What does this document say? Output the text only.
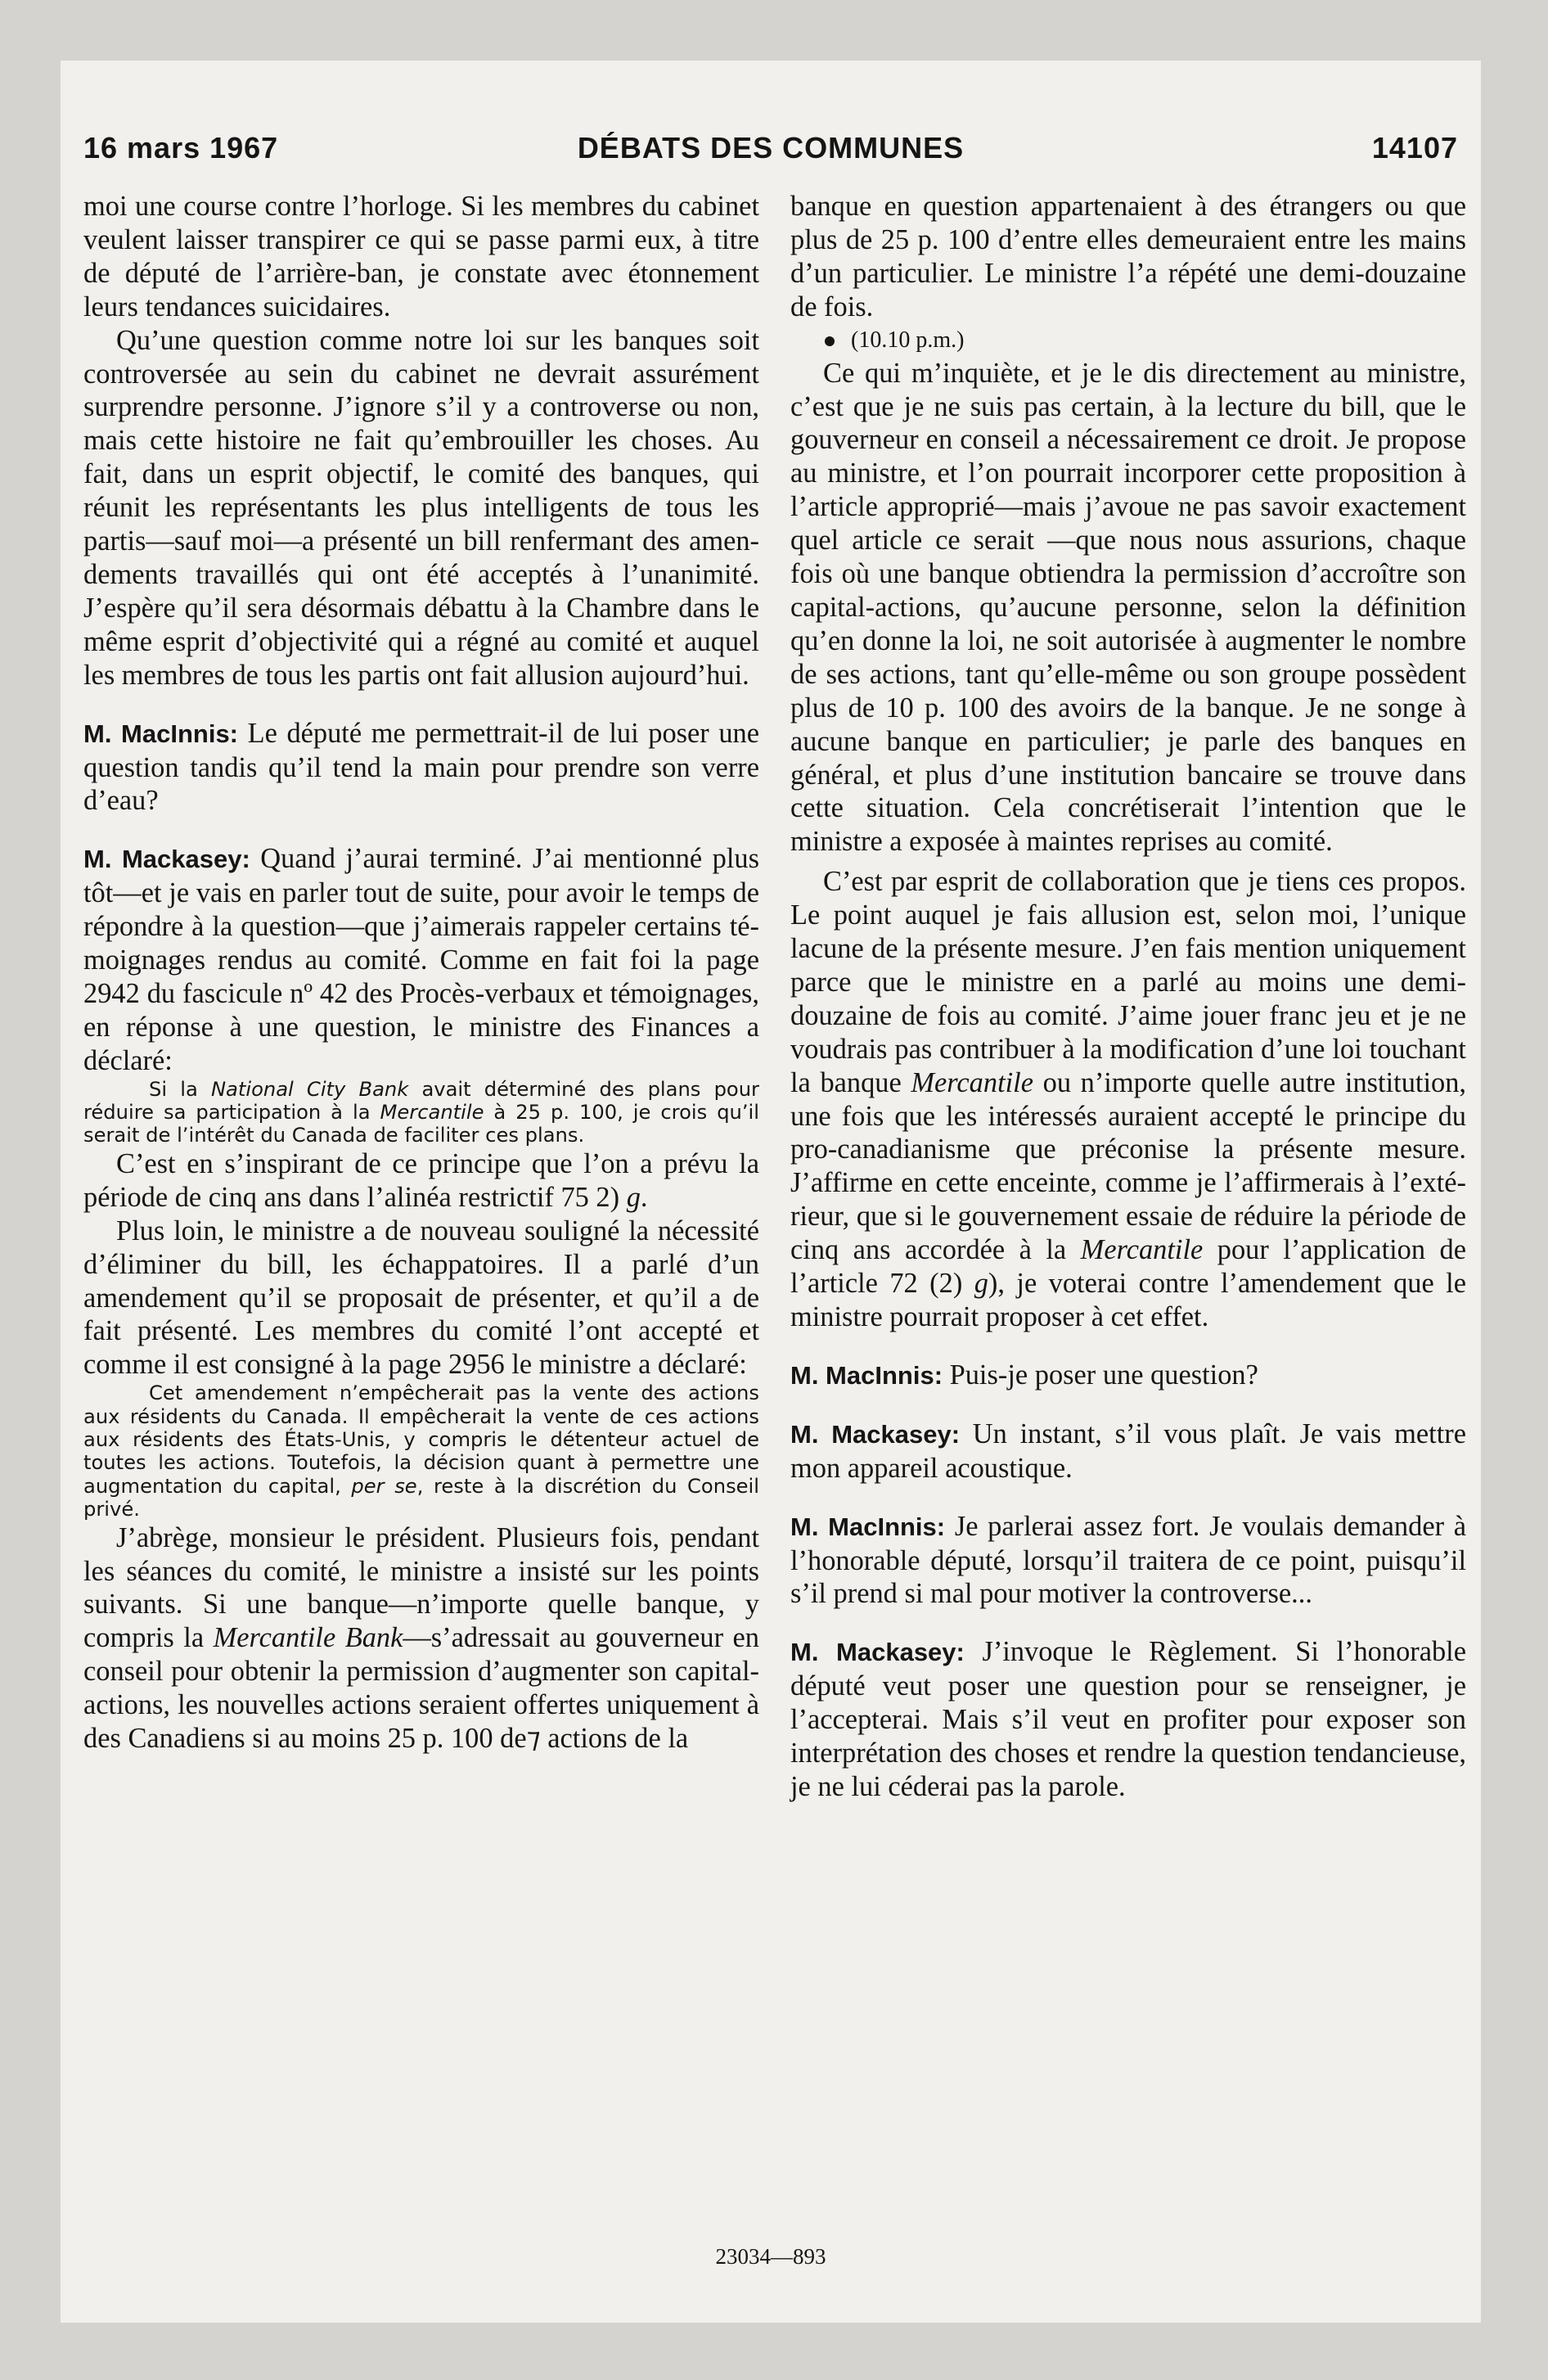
16 mars 1967	DÉBATS DES COMMUNES	14107

moi une course contre l’horloge. Si les membres du cabinet veulent laisser transpirer ce qui se passe parmi eux, à titre de député de l’arrière-ban, je constate avec étonnement leurs tendances suicidaires.

Qu’une question comme notre loi sur les banques soit controversée au sein du cabinet ne devrait assurément surprendre personne. J’ignore s’il y a controverse ou non, mais cette histoire ne fait qu’embrouiller les choses. Au fait, dans un esprit objectif, le comité des banques, qui réunit les représentants les plus intelligents de tous les partis—sauf moi—a présenté un bill renfermant des amendements travaillés qui ont été acceptés à l’unanimité. J’espère qu’il sera désormais débattu à la Chambre dans le même esprit d’objectivité qui a régné au comité et auquel les membres de tous les partis ont fait allusion aujourd’hui.

M. MacInnis: Le député me permettrait-il de lui poser une question tandis qu’il tend la main pour prendre son verre d’eau?

M. Mackasey: Quand j’aurai terminé. J’ai mentionné plus tôt—et je vais en parler tout de suite, pour avoir le temps de répondre à la question—que j’aimerais rappeler certains témoignages rendus au comité. Comme en fait foi la page 2942 du fascicule nº 42 des Procès-verbaux et témoignages, en réponse à une question, le ministre des Finances a déclaré:

Si la National City Bank avait déterminé des plans pour réduire sa participation à la Mercantile à 25 p. 100, je crois qu’il serait de l’intérêt du Canada de faciliter ces plans.

C’est en s’inspirant de ce principe que l’on a prévu la période de cinq ans dans l’alinéa restrictif 75 2) g.

Plus loin, le ministre a de nouveau souligné la nécessité d’éliminer du bill, les échappatoires. Il a parlé d’un amendement qu’il se proposait de présenter, et qu’il a de fait présenté. Les membres du comité l’ont accepté et comme il est consigné à la page 2956 le ministre a déclaré:

Cet amendement n’empêcherait pas la vente des actions aux résidents du Canada. Il empêcherait la vente de ces actions aux résidents des États-Unis, y compris le détenteur actuel de toutes les actions. Toutefois, la décision quant à permettre une augmentation du capital, per se, reste à la discrétion du Conseil privé.

J’abrège, monsieur le président. Plusieurs fois, pendant les séances du comité, le ministre a insisté sur les points suivants. Si une banque—n’importe quelle banque, y compris la Mercantile Bank—s’adressait au gouverneur en conseil pour obtenir la permission d’augmenter son capital-actions, les nouvelles actions seraient offertes uniquement à des Canadiens si au moins 25 p. 100 de⁊ actions de la

banque en question appartenaient à des étrangers ou que plus de 25 p. 100 d’entre elles demeuraient entre les mains d’un particulier. Le ministre l’a répété une demi-douzaine de fois.

(10.10 p.m.)

Ce qui m’inquiète, et je le dis directement au ministre, c’est que je ne suis pas certain, à la lecture du bill, que le gouverneur en conseil a nécessairement ce droit. Je propose au ministre, et l’on pourrait incorporer cette proposition à l’article approprié—mais j’avoue ne pas savoir exactement quel article ce serait —que nous nous assurions, chaque fois où une banque obtiendra la permission d’accroître son capital-actions, qu’aucune personne, selon la définition qu’en donne la loi, ne soit autorisée à augmenter le nombre de ses actions, tant qu’elle-même ou son groupe possèdent plus de 10 p. 100 des avoirs de la banque. Je ne songe à aucune banque en particulier; je parle des banques en général, et plus d’une institution bancaire se trouve dans cette situation. Cela concrétiserait l’intention que le ministre a exposée à maintes reprises au comité.

C’est par esprit de collaboration que je tiens ces propos. Le point auquel je fais allusion est, selon moi, l’unique lacune de la présente mesure. J’en fais mention uniquement parce que le ministre en a parlé au moins une demi-douzaine de fois au comité. J’aime jouer franc jeu et je ne voudrais pas contribuer à la modification d’une loi touchant la banque Mercantile ou n’importe quelle autre institution, une fois que les intéressés auraient accepté le principe du pro-canadianisme que préconise la présente mesure. J’affirme en cette enceinte, comme je l’affirmerais à l’extérieur, que si le gouvernement essaie de réduire la période de cinq ans accordée à la Mercantile pour l’application de l’article 72 (2) g), je voterai contre l’amendement que le ministre pourrait proposer à cet effet.

M. MacInnis: Puis-je poser une question?

M. Mackasey: Un instant, s’il vous plaît. Je vais mettre mon appareil acoustique.

M. MacInnis: Je parlerai assez fort. Je voulais demander à l’honorable député, lorsqu’il traitera de ce point, puisqu’il s’il prend si mal pour motiver la controverse...

M. Mackasey: J’invoque le Règlement. Si l’honorable député veut poser une question pour se renseigner, je l’accepterai. Mais s’il veut en profiter pour exposer son interprétation des choses et rendre la question tendancieuse, je ne lui céderai pas la parole.

23034—893
